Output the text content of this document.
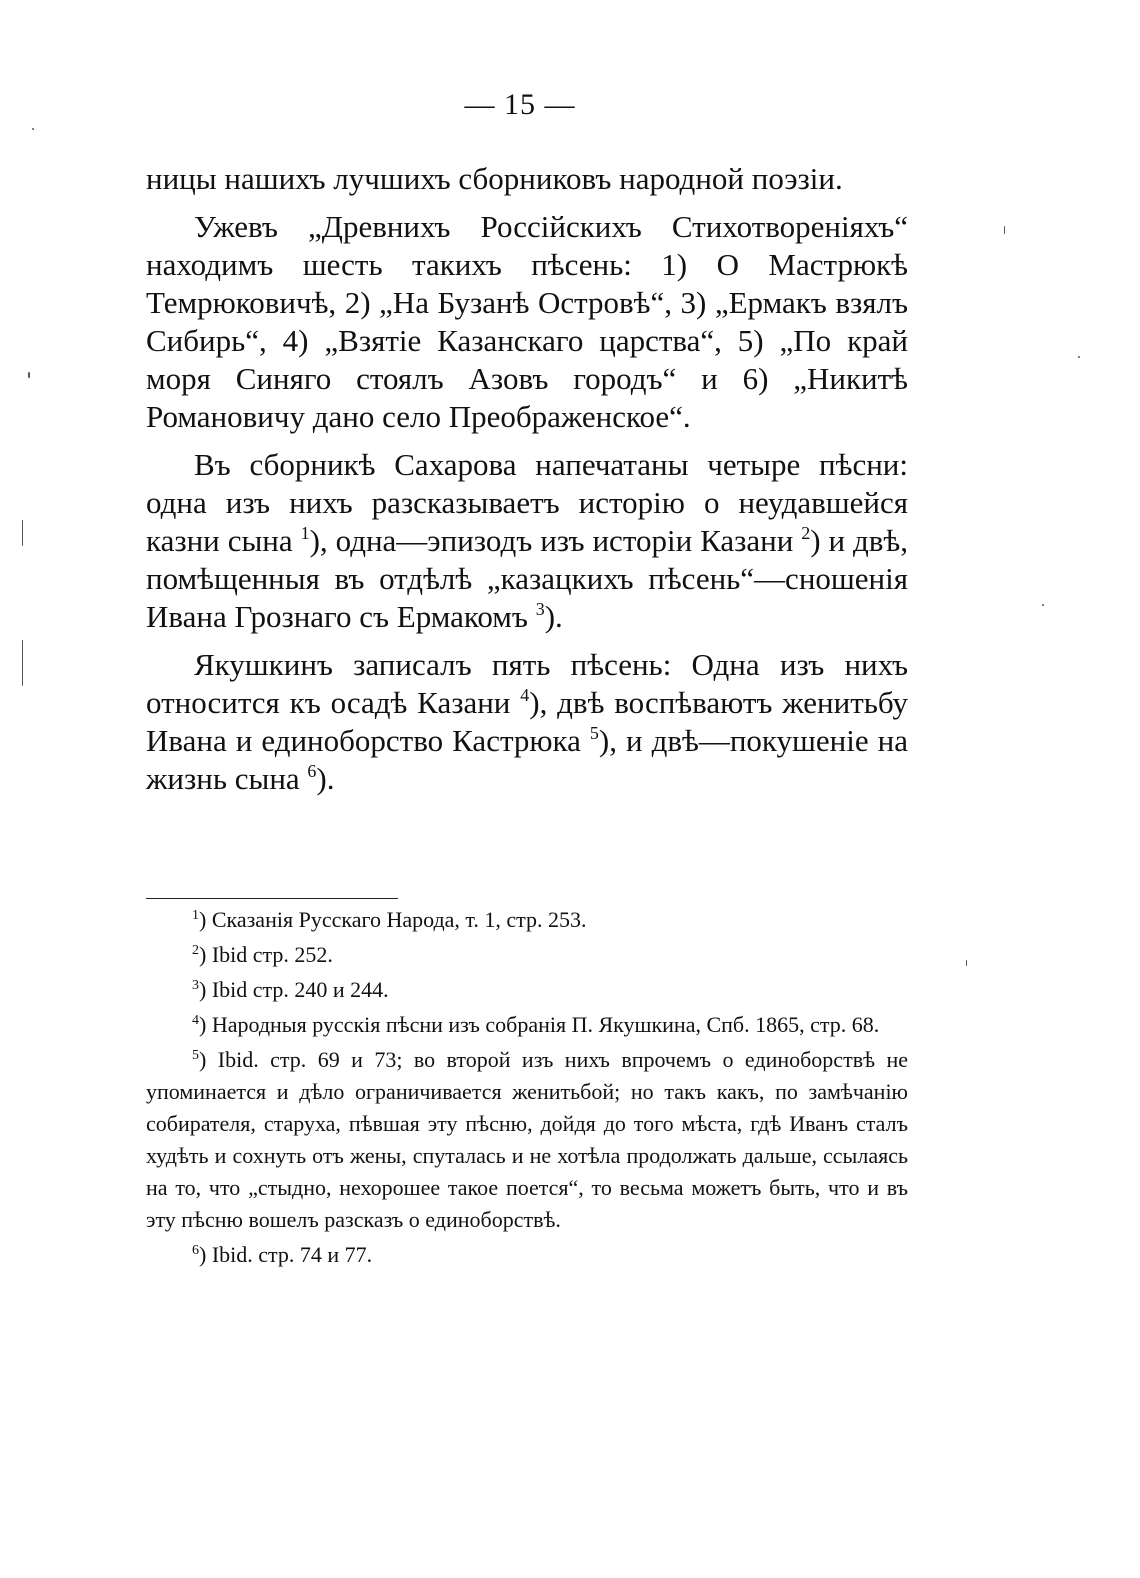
— 15 —

ницы нашихъ лучшихъ сборниковъ народной поэзіи.

Ужевъ „Древнихъ Россійскихъ Стихотвореніяхъ“ находимъ шесть такихъ пѣсень: 1) О Мастрюкѣ Темрюковичѣ, 2) „На Бузанѣ Островѣ“, 3) „Ермакъ взялъ Сибирь“, 4) „Взятіе Казанскаго царства“, 5) „По край моря Синяго стоялъ Азовъ городъ“ и 6) „Никитѣ Романовичу дано село Преображенское“.

Въ сборникѣ Сахарова напечатаны четыре пѣсни: одна изъ нихъ разсказываетъ исторію о неудавшейся казни сына $^1$), одна—эпизодъ изъ исторіи Казани $^2$) и двѣ, помѣщенныя въ отдѣлѣ „казацкихъ пѣсень“—сношенія Ивана Грознаго съ Ермакомъ $^3$).

Якушкинъ записалъ пять пѣсень: Одна изъ нихъ относится къ осадѣ Казани $^4$), двѣ воспѣваютъ женитьбу Ивана и единоборство Кастрюка $^5$), и двѣ—покушеніе на жизнь сына $^6$).

$^1$) Сказанія Русскаго Народа, т. 1, стр. 253.

$^2$) Ibid стр. 252.

$^3$) Ibid стр. 240 и 244.

$^4$) Народныя русскія пѣсни изъ собранія П. Якушкина, Спб. 1865, стр. 68.

$^5$) Ibid. стр. 69 и 73; во второй изъ нихъ впрочемъ о единоборствѣ не упоминается и дѣло ограничивается женитьбой; но такъ какъ, по замѣчанію собирателя, старуха, пѣвшая эту пѣсню, дойдя до того мѣста, гдѣ Иванъ сталъ худѣть и сохнуть отъ жены, спуталась и не хотѣла продолжать дальше, ссылаясь на то, что „стыдно, нехорошее такое поется“, то весьма можетъ быть, что и въ эту пѣсню вошелъ разсказъ о единоборствѣ.

$^6$) Ibid. стр. 74 и 77.
